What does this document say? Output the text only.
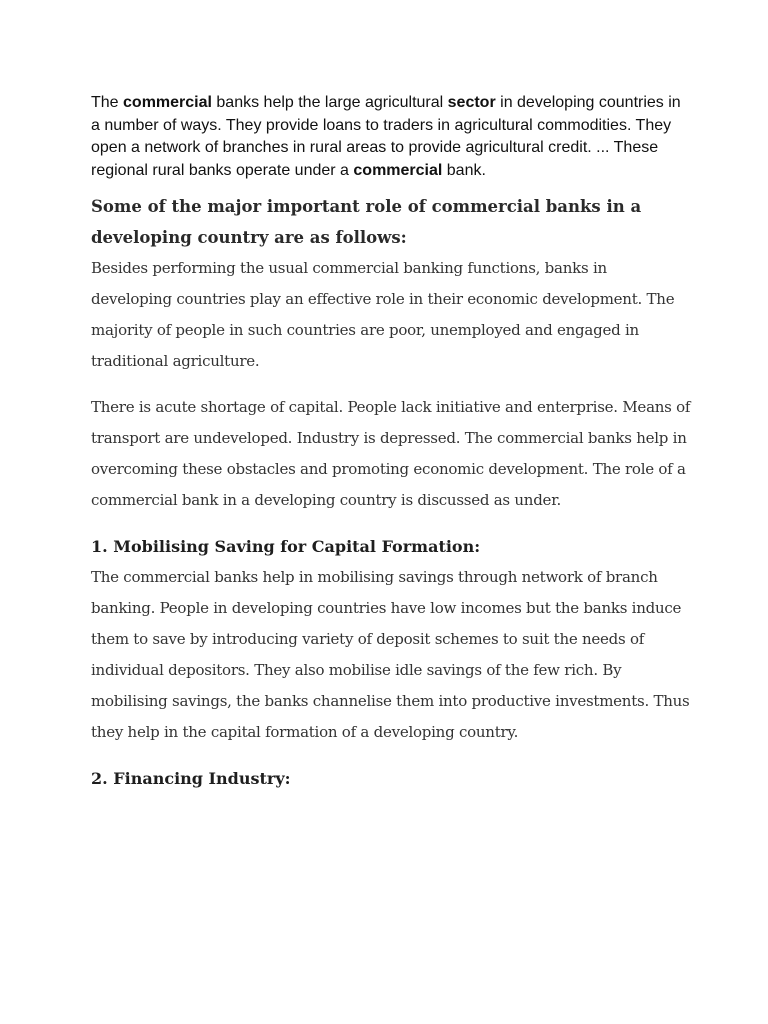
The commercial banks help the large agricultural sector in developing countries in a number of ways. They provide loans to traders in agricultural commodities. They open a network of branches in rural areas to provide agricultural credit. ... These regional rural banks operate under a commercial bank.

Some of the major important role of commercial banks in a developing country are as follows:

Besides performing the usual commercial banking functions, banks in developing countries play an effective role in their economic development. The majority of people in such countries are poor, unemployed and engaged in traditional agriculture.

There is acute shortage of capital. People lack initiative and enterprise. Means of transport are undeveloped. Industry is depressed. The commercial banks help in overcoming these obstacles and promoting economic development. The role of a commercial bank in a developing country is discussed as under.

1. Mobilising Saving for Capital Formation:

The commercial banks help in mobilising savings through network of branch banking. People in developing countries have low incomes but the banks induce them to save by introducing variety of deposit schemes to suit the needs of individual depositors. They also mobilise idle savings of the few rich. By mobilising savings, the banks channelise them into productive investments. Thus they help in the capital formation of a developing country.

2. Financing Industry:
